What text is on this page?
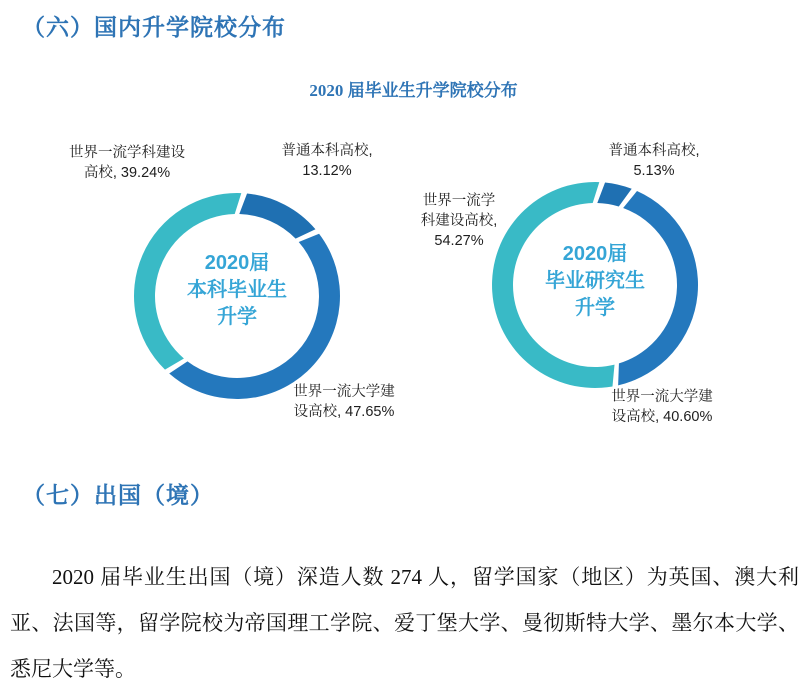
（六）国内升学院校分布
2020 届毕业生升学院校分布
2020届
本科毕业生
升学
世界一流学科建设
高校, 39.24%
普通本科高校,
13.12%
世界一流大学建
设高校, 47.65%
2020届
毕业研究生
升学
普通本科高校,
5.13%
世界一流学
科建设高校,
54.27%
世界一流大学建
设高校, 40.60%
（七）出国（境）

2020 届毕业生出国（境）深造人数 274 人，留学国家（地区）为英国、澳大利亚、法国等，留学院校为帝国理工学院、爱丁堡大学、曼彻斯特大学、墨尔本大学、悉尼大学等。
